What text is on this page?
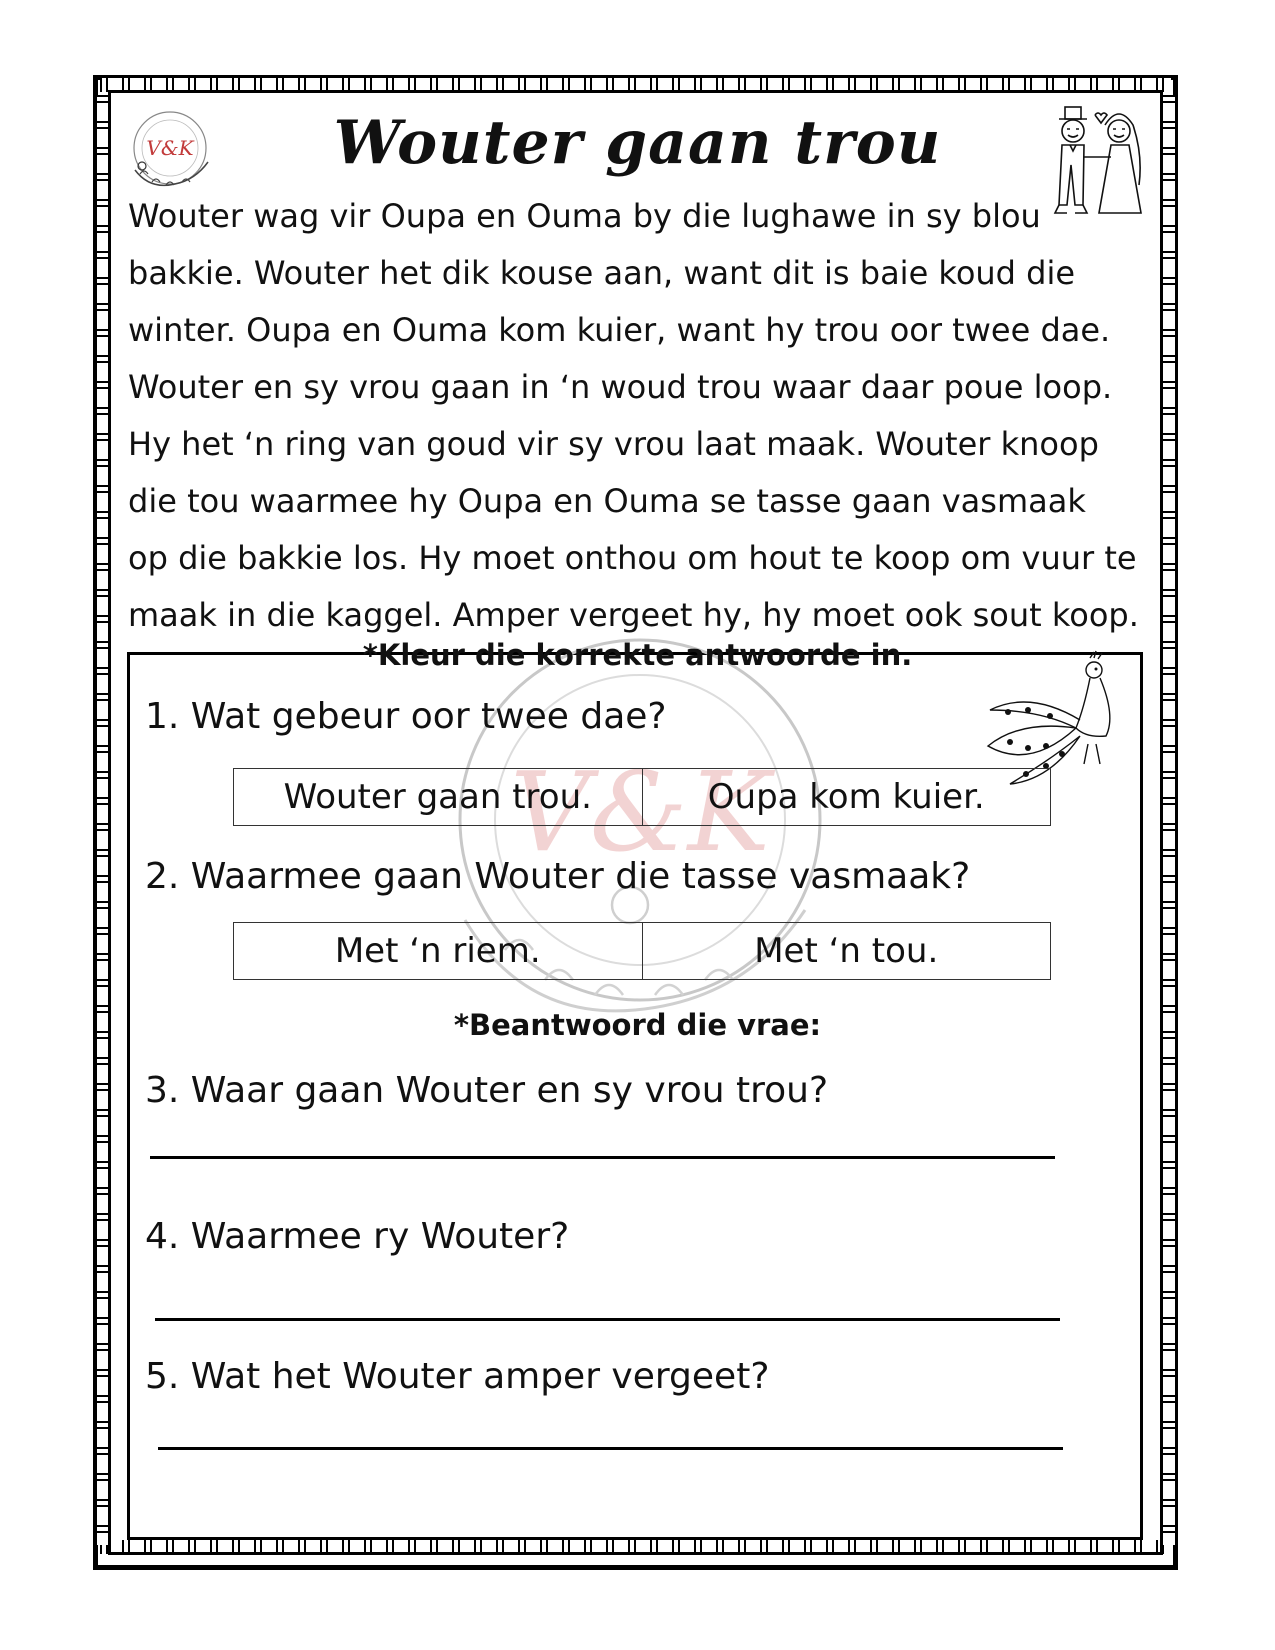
V&K	Wouter gaan trou
Wouter wag vir Oupa en Ouma by die lughawe in sy blou
bakkie. Wouter het dik kouse aan, want dit is baie koud die
winter. Oupa en Ouma kom kuier, want hy trou oor twee dae.
Wouter en sy vrou gaan in ‘n woud trou waar daar poue loop.
Hy het ‘n ring van goud vir sy vrou laat maak. Wouter knoop
die tou waarmee hy Oupa en Ouma se tasse gaan vasmaak
op die bakkie los. Hy moet onthou om hout te koop om vuur te
maak in die kaggel. Amper vergeet hy, hy moet ook sout koop.
V&K

*Kleur die korrekte antwoorde in.

1. Wat gebeur oor twee dae?

Wouter gaan trou.	Oupa kom kuier.

2. Waarmee gaan Wouter die tasse vasmaak?

Met ‘n riem.	Met ‘n tou.

*Beantwoord die vrae:

3. Waar gaan Wouter en sy vrou trou?

4. Waarmee ry Wouter?

5. Wat het Wouter amper vergeet?
